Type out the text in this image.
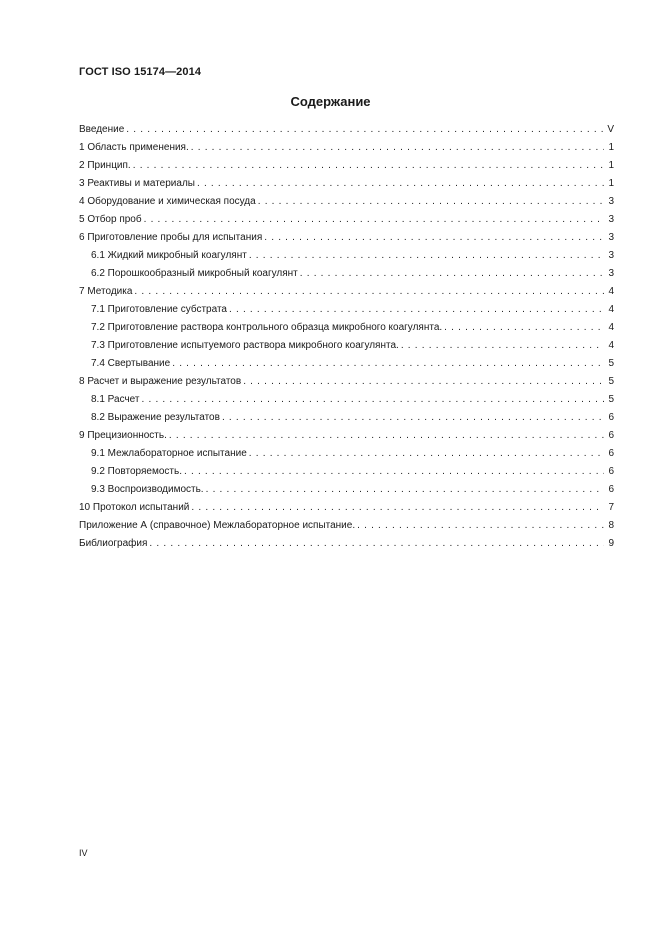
ГОСТ ISO 15174—2014
Содержание
Введение .....	V
1 Область применения. .....	1
2 Принцип. .....	1
3 Реактивы и материалы .....	1
4 Оборудование и химическая посуда .....	3
5 Отбор проб .....	3
6 Приготовление пробы для испытания .....	3
6.1 Жидкий микробный коагулянт .....	3
6.2 Порошкообразный микробный коагулянт .....	3
7 Методика .....	4
7.1 Приготовление субстрата .....	4
7.2 Приготовление раствора контрольного образца микробного коагулянта. .....	4
7.3 Приготовление испытуемого раствора микробного коагулянта. .....	4
7.4 Свертывание .....	5
8 Расчет и выражение результатов .....	5
8.1 Расчет .....	5
8.2 Выражение результатов .....	6
9 Прецизионность. .....	6
9.1 Межлабораторное испытание .....	6
9.2 Повторяемость. .....	6
9.3 Воспроизводимость. .....	6
10 Протокол испытаний .....	7
Приложение А (справочное) Межлабораторное испытание. .....	8
Библиография .....	9
IV
